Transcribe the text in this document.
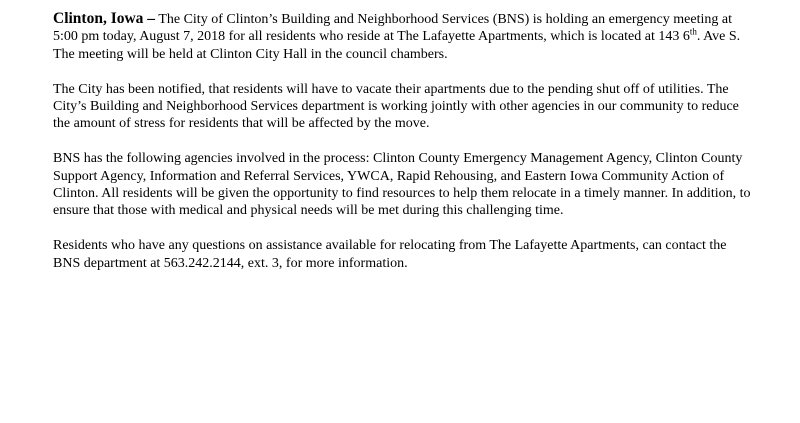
Clinton, Iowa – The City of Clinton’s Building and Neighborhood Services (BNS) is holding an emergency meeting at 5:00 pm today, August 7, 2018 for all residents who reside at The Lafayette Apartments, which is located at 143 6th. Ave S. The meeting will be held at Clinton City Hall in the council chambers.

The City has been notified, that residents will have to vacate their apartments due to the pending shut off of utilities. The City’s Building and Neighborhood Services department is working jointly with other agencies in our community to reduce the amount of stress for residents that will be affected by the move.

BNS has the following agencies involved in the process: Clinton County Emergency Management Agency, Clinton County Support Agency, Information and Referral Services, YWCA, Rapid Rehousing, and Eastern Iowa Community Action of Clinton. All residents will be given the opportunity to find resources to help them relocate in a timely manner. In addition, to ensure that those with medical and physical needs will be met during this challenging time.

Residents who have any questions on assistance available for relocating from The Lafayette Apartments, can contact the BNS department at 563.242.2144, ext. 3, for more information.
